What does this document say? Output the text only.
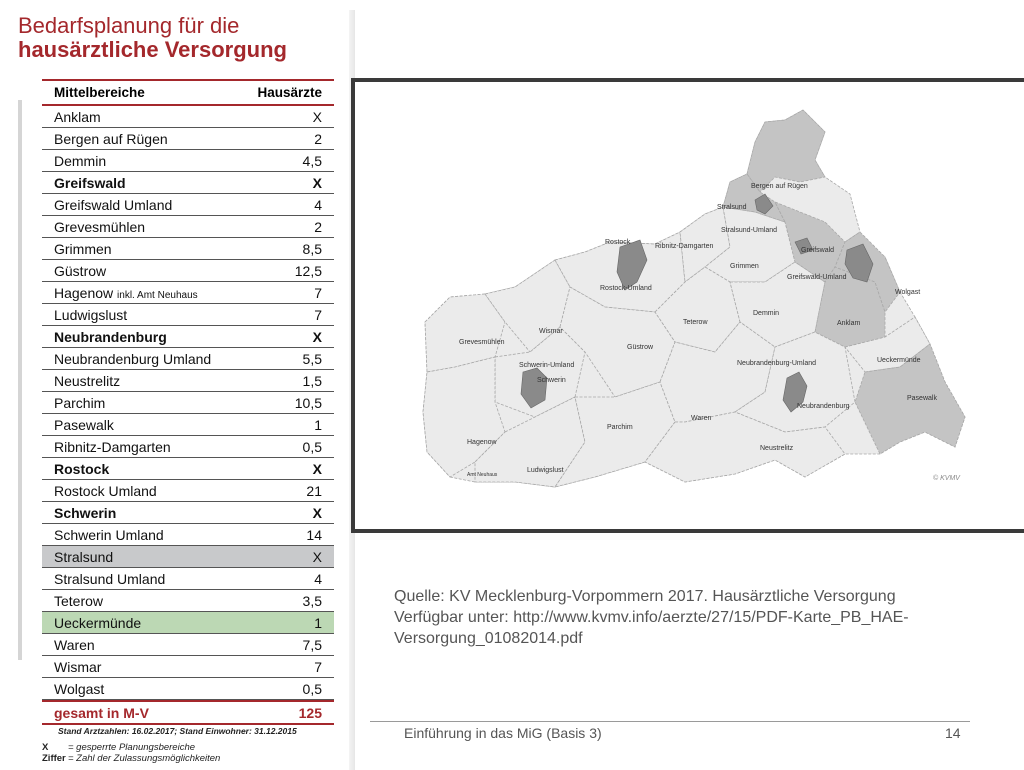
Bedarfsplanung für die
hausärztliche Versorgung
Mittelbereiche	Hausärzte
Anklam	X
Bergen auf Rügen	2
Demmin	4,5
Greifswald	X
Greifswald Umland	4
Grevesmühlen	2
Grimmen	8,5
Güstrow	12,5
Hagenow inkl. Amt Neuhaus	7
Ludwigslust	7
Neubrandenburg	X
Neubrandenburg Umland	5,5
Neustrelitz	1,5
Parchim	10,5
Pasewalk	1
Ribnitz-Damgarten	0,5
Rostock	X
Rostock Umland	21
Schwerin	X
Schwerin Umland	14
Stralsund	X
Stralsund Umland	4
Teterow	3,5
Ueckermünde	1
Waren	7,5
Wismar	7
Wolgast	0,5
gesamt in M-V	125
Stand Arztzahlen: 16.02.2017; Stand Einwohner: 31.12.2015
X = gesperrte Planungsbereiche
Ziffer = Zahl der Zulassungsmöglichkeiten
Bergen auf Rügen
Stralsund
Stralsund-Umland
Rostock
Ribnitz-Damgarten
Greifswald
Grimmen
Greifswald-Umland
Rostock-Umland
Wolgast
Demmin
Anklam
Teterow
Wismar
Grevesmühlen
Güstrow
Schwerin-Umland
Schwerin
Neubrandenburg-Umland	Ueckermünde
Neubrandenburg
Pasewalk
Parchim
Waren
Hagenow
Neustrelitz
Ludwigslust
Amt Neuhaus	© KVMV
Quelle: KV Mecklenburg-Vorpommern 2017. Hausärztliche Versorgung
Verfügbar unter: http://www.kvmv.info/aerzte/27/15/PDF-Karte_PB_HAE-
Versorgung_01082014.pdf
Einführung in das MiG (Basis 3)	14
